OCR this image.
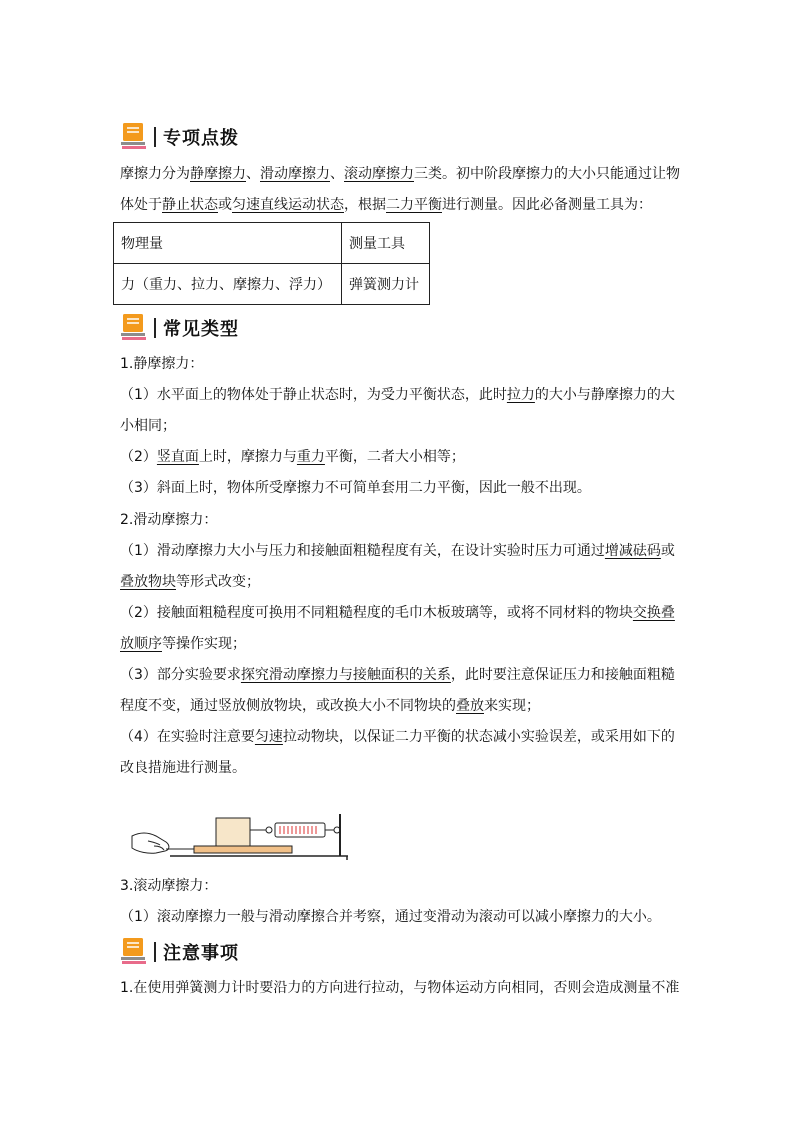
专项点拨
摩擦力分为静摩擦力、滑动摩擦力、滚动摩擦力三类。初中阶段摩擦力的大小只能通过让物
体处于静止状态或匀速直线运动状态，根据二力平衡进行测量。因此必备测量工具为：
物理量	测量工具
力（重力、拉力、摩擦力、浮力）	弹簧测力计
常见类型
1.静摩擦力：
（1）水平面上的物体处于静止状态时，为受力平衡状态，此时拉力的大小与静摩擦力的大
小相同；
（2）竖直面上时，摩擦力与重力平衡，二者大小相等；
（3）斜面上时，物体所受摩擦力不可简单套用二力平衡，因此一般不出现。
2.滑动摩擦力：
（1）滑动摩擦力大小与压力和接触面粗糙程度有关，在设计实验时压力可通过增减砝码或
叠放物块等形式改变；
（2）接触面粗糙程度可换用不同粗糙程度的毛巾木板玻璃等，或将不同材料的物块交换叠
放顺序等操作实现；
（3）部分实验要求探究滑动摩擦力与接触面积的关系，此时要注意保证压力和接触面粗糙
程度不变，通过竖放侧放物块，或改换大小不同物块的叠放来实现；
（4）在实验时注意要匀速拉动物块，以保证二力平衡的状态减小实验误差，或采用如下的
改良措施进行测量。
3.滚动摩擦力：
（1）滚动摩擦力一般与滑动摩擦合并考察，通过变滑动为滚动可以减小摩擦力的大小。
注意事项
1.在使用弹簧测力计时要沿力的方向进行拉动，与物体运动方向相同，否则会造成测量不准
